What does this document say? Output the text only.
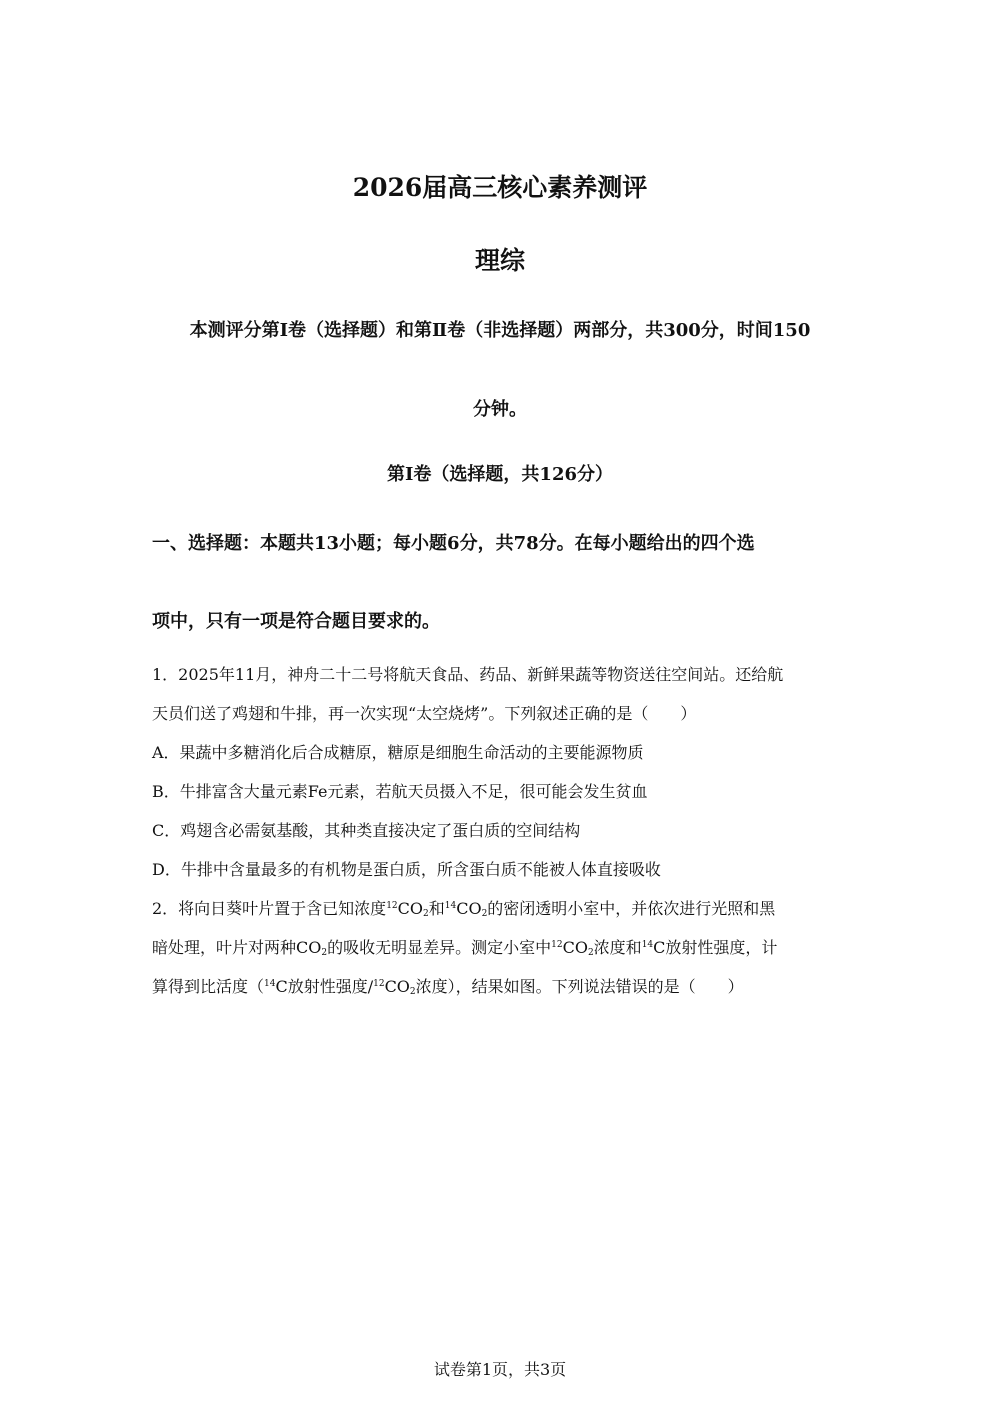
2026届高三核心素养测评
理综
本测评分第Ⅰ卷（选择题）和第Ⅱ卷（非选择题）两部分，共300分，时间150
分钟。
第Ⅰ卷（选择题，共126分）
一、选择题：本题共13小题；每小题6分，共78分。在每小题给出的四个选
项中，只有一项是符合题目要求的。
1．2025年11月，神舟二十二号将航天食品、药品、新鲜果蔬等物资送往空间站。还给航
天员们送了鸡翅和牛排，再一次实现“太空烧烤”。下列叙述正确的是（　　）
A．果蔬中多糖消化后合成糖原，糖原是细胞生命活动的主要能源物质
B．牛排富含大量元素Fe元素，若航天员摄入不足，很可能会发生贫血
C．鸡翅含必需氨基酸，其种类直接决定了蛋白质的空间结构
D．牛排中含量最多的有机物是蛋白质，所含蛋白质不能被人体直接吸收
2．将向日葵叶片置于含已知浓度$^{12}CO_2$和$^{14}CO_2$的密闭透明小室中，并依次进行光照和黑
暗处理，叶片对两种$CO_2$的吸收无明显差异。测定小室中$^{12}CO_2$浓度和$^{14}$C放射性强度，计
算得到比活度（$^{14}$C放射性强度$/^{12}CO_2$浓度），结果如图。下列说法错误的是（　　）
试卷第1页，共3页
